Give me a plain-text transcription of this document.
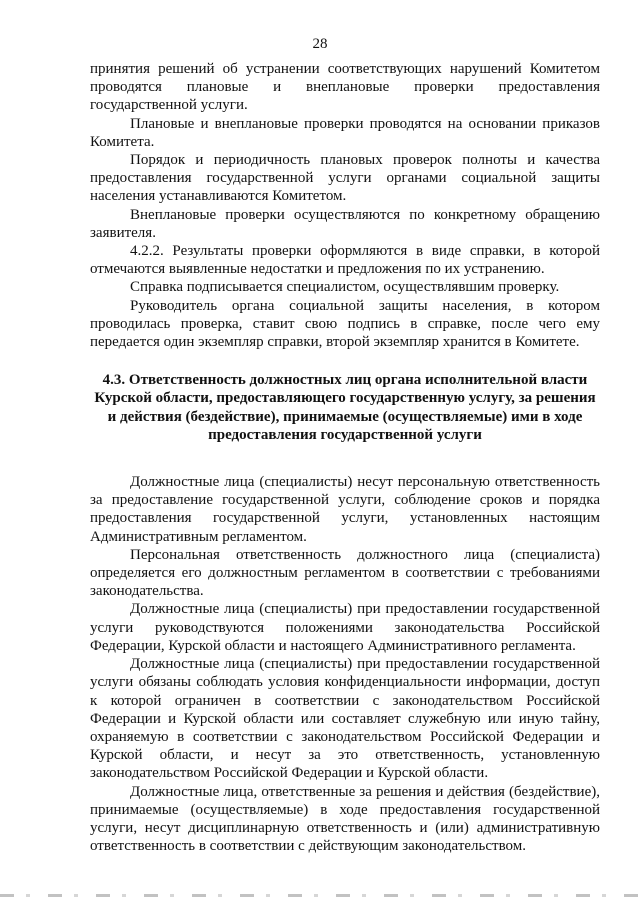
28

принятия решений об устранении соответствующих нарушений Комитетом проводятся плановые и внеплановые проверки предоставления государственной услуги.

Плановые и внеплановые проверки проводятся на основании приказов Комитета.

Порядок и периодичность плановых проверок полноты и качества предоставления государственной услуги органами социальной защиты населения устанавливаются Комитетом.

Внеплановые проверки осуществляются по конкретному обращению заявителя.

4.2.2. Результаты проверки оформляются в виде справки, в которой отмечаются выявленные недостатки и предложения по их устранению.

Справка подписывается специалистом, осуществлявшим проверку.

Руководитель органа социальной защиты населения, в котором проводилась проверка, ставит свою подпись в справке, после чего ему передается один экземпляр справки, второй экземпляр хранится в Комитете.

4.3. Ответственность должностных лиц органа исполнительной власти Курской области, предоставляющего государственную услугу, за решения и действия (бездействие), принимаемые (осуществляемые) ими в ходе предоставления государственной услуги

Должностные лица (специалисты) несут персональную ответственность за предоставление государственной услуги, соблюдение сроков и порядка предоставления государственной услуги, установленных настоящим Административным регламентом.

Персональная ответственность должностного лица (специалиста) определяется его должностным регламентом в соответствии с требованиями законодательства.

Должностные лица (специалисты) при предоставлении государственной услуги руководствуются положениями законодательства Российской Федерации, Курской области и настоящего Административного регламента.

Должностные лица (специалисты) при предоставлении государственной услуги обязаны соблюдать условия конфиденциальности информации, доступ к которой ограничен в соответствии с законодательством Российской Федерации и Курской области или составляет служебную или иную тайну, охраняемую в соответствии с законодательством Российской Федерации и Курской области, и несут за это ответственность, установленную законодательством Российской Федерации и Курской области.

Должностные лица, ответственные за решения и действия (бездействие), принимаемые (осуществляемые) в ходе предоставления государственной услуги, несут дисциплинарную ответственность и (или) административную ответственность в соответствии с действующим законодательством.
